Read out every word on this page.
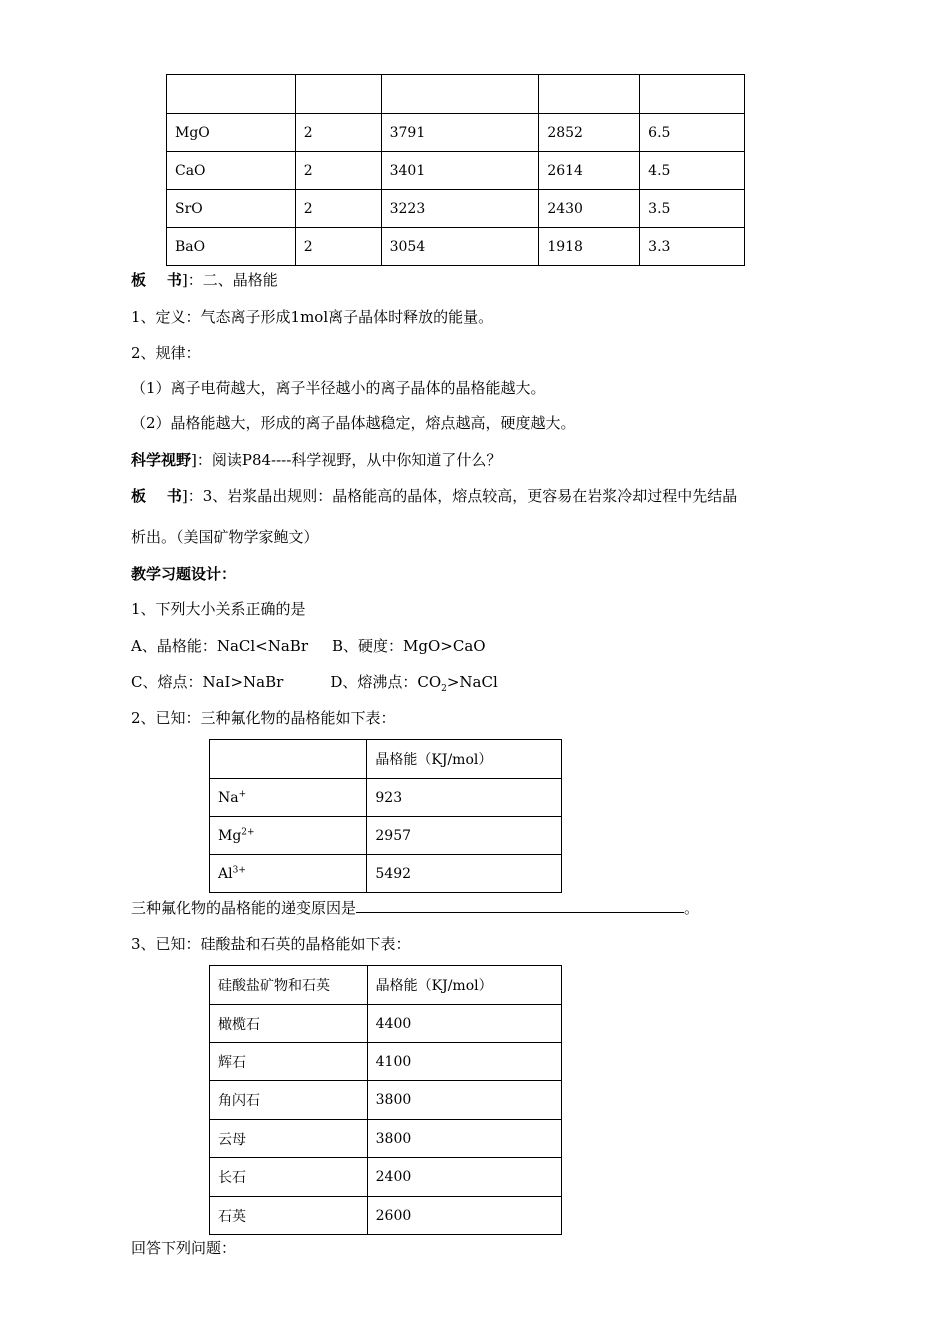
MgO	2	3791	2852	6.5
CaO	2	3401	2614	4.5
SrO	2	3223	2430	3.5
BaO	2	3054	1918	3.3
板    书]：二、晶格能
1、定义：气态离子形成1mol离子晶体时释放的能量。
2、规律：
（1）离子电荷越大，离子半径越小的离子晶体的晶格能越大。
（2）晶格能越大，形成的离子晶体越稳定，熔点越高，硬度越大。
科学视野]：阅读P84----科学视野，从中你知道了什么？
板    书]：3、岩浆晶出规则：晶格能高的晶体，熔点较高，更容易在岩浆冷却过程中先结晶
析出。（美国矿物学家鲍文）
教学习题设计：
1、下列大小关系正确的是
A、晶格能：NaCl<NaBr B、硬度：MgO>CaO
C、熔点：NaI>NaBr	D、熔沸点：$CO_2>NaCl$
2、已知：三种氟化物的晶格能如下表：
	晶格能（KJ/mol）
Na+	923
$Mg^{2+}$	2957
$Al^{3+}$	5492
三种氟化物的晶格能的递变原因是	。
3、已知：硅酸盐和石英的晶格能如下表：
硅酸盐矿物和石英	晶格能（KJ/mol）
橄榄石	4400
辉石	4100
角闪石	3800
云母	3800
长石	2400
石英	2600
回答下列问题：
